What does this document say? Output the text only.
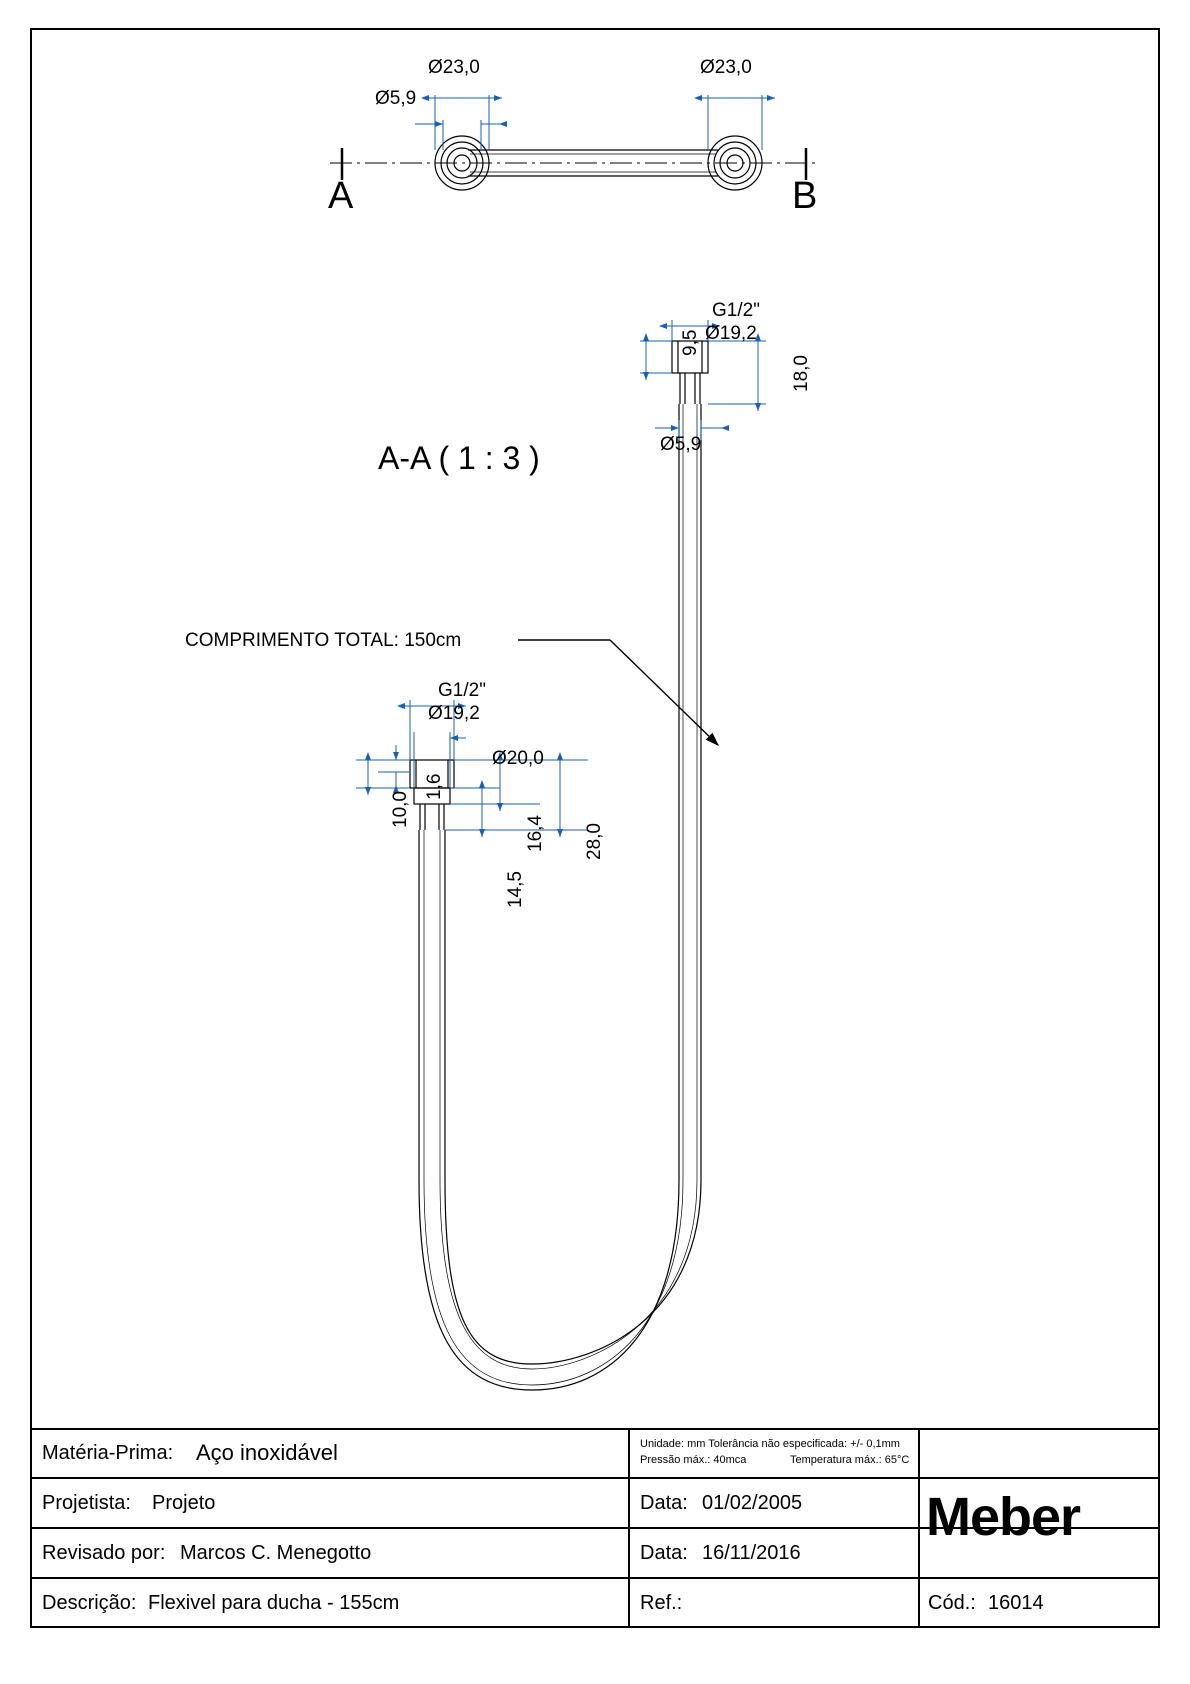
Ø23,0	Ø23,0
Ø5,9
A	B
A-A ( 1 : 3 )
G1/2"
Ø19,2
9,5
18,0
Ø5,9
COMPRIMENTO TOTAL: 150cm
G1/2"
Ø19,2
Ø20,0
1,6
10,0
16,4 28,0
14,5
Matéria-Prima: Aço inoxidável	Unidade: mm Tolerância não especificada: +/- 0,1mm
Pressão máx.: 40mca	Temperatura máx.: 65°C
Projetista: Projeto	Data: 01/02/2005
Revisado por: Marcos C. Menegotto	Data: 16/11/2016
Descrição: Flexivel para ducha - 155cm	Ref.:	Cód.: 16014
Meber
